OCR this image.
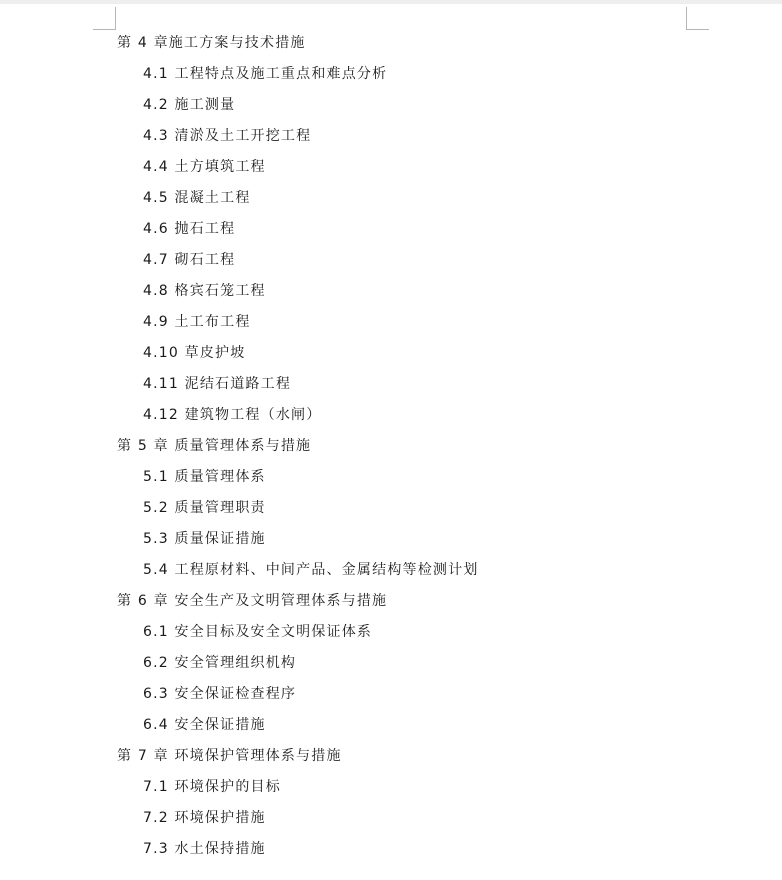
第 4 章施工方案与技术措施
4.1 工程特点及施工重点和难点分析
4.2 施工测量
4.3 清淤及土工开挖工程
4.4 土方填筑工程
4.5 混凝土工程
4.6 抛石工程
4.7 砌石工程
4.8 格宾石笼工程
4.9 土工布工程
4.10 草皮护坡
4.11 泥结石道路工程
4.12 建筑物工程（水闸）
第 5 章 质量管理体系与措施
5.1 质量管理体系
5.2 质量管理职责
5.3 质量保证措施
5.4 工程原材料、中间产品、金属结构等检测计划
第 6 章 安全生产及文明管理体系与措施
6.1 安全目标及安全文明保证体系
6.2 安全管理组织机构
6.3 安全保证检查程序
6.4 安全保证措施
第 7 章 环境保护管理体系与措施
7.1 环境保护的目标
7.2 环境保护措施
7.3 水土保持措施
